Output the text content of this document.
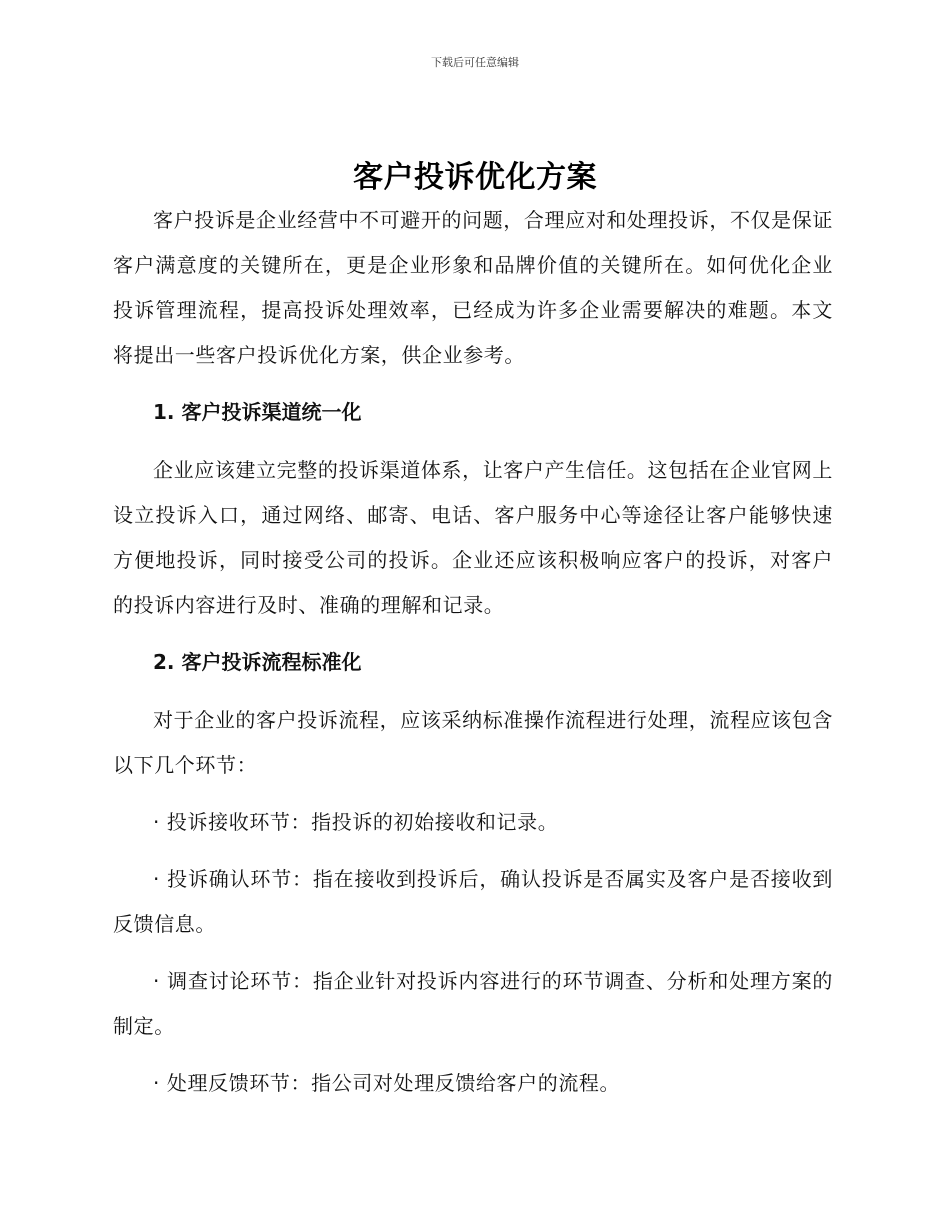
下载后可任意编辑
客户投诉优化方案

客户投诉是企业经营中不可避开的问题，合理应对和处理投诉，不仅是保证客户满意度的关键所在，更是企业形象和品牌价值的关键所在。如何优化企业投诉管理流程，提高投诉处理效率，已经成为许多企业需要解决的难题。本文将提出一些客户投诉优化方案，供企业参考。

1. 客户投诉渠道统一化

企业应该建立完整的投诉渠道体系，让客户产生信任。这包括在企业官网上设立投诉入口，通过网络、邮寄、电话、客户服务中心等途径让客户能够快速方便地投诉，同时接受公司的投诉。企业还应该积极响应客户的投诉，对客户的投诉内容进行及时、准确的理解和记录。

2. 客户投诉流程标准化

对于企业的客户投诉流程，应该采纳标准操作流程进行处理，流程应该包含以下几个环节：

· 投诉接收环节：指投诉的初始接收和记录。

· 投诉确认环节：指在接收到投诉后，确认投诉是否属实及客户是否接收到反馈信息。

· 调查讨论环节：指企业针对投诉内容进行的环节调查、分析和处理方案的制定。

· 处理反馈环节：指公司对处理反馈给客户的流程。
